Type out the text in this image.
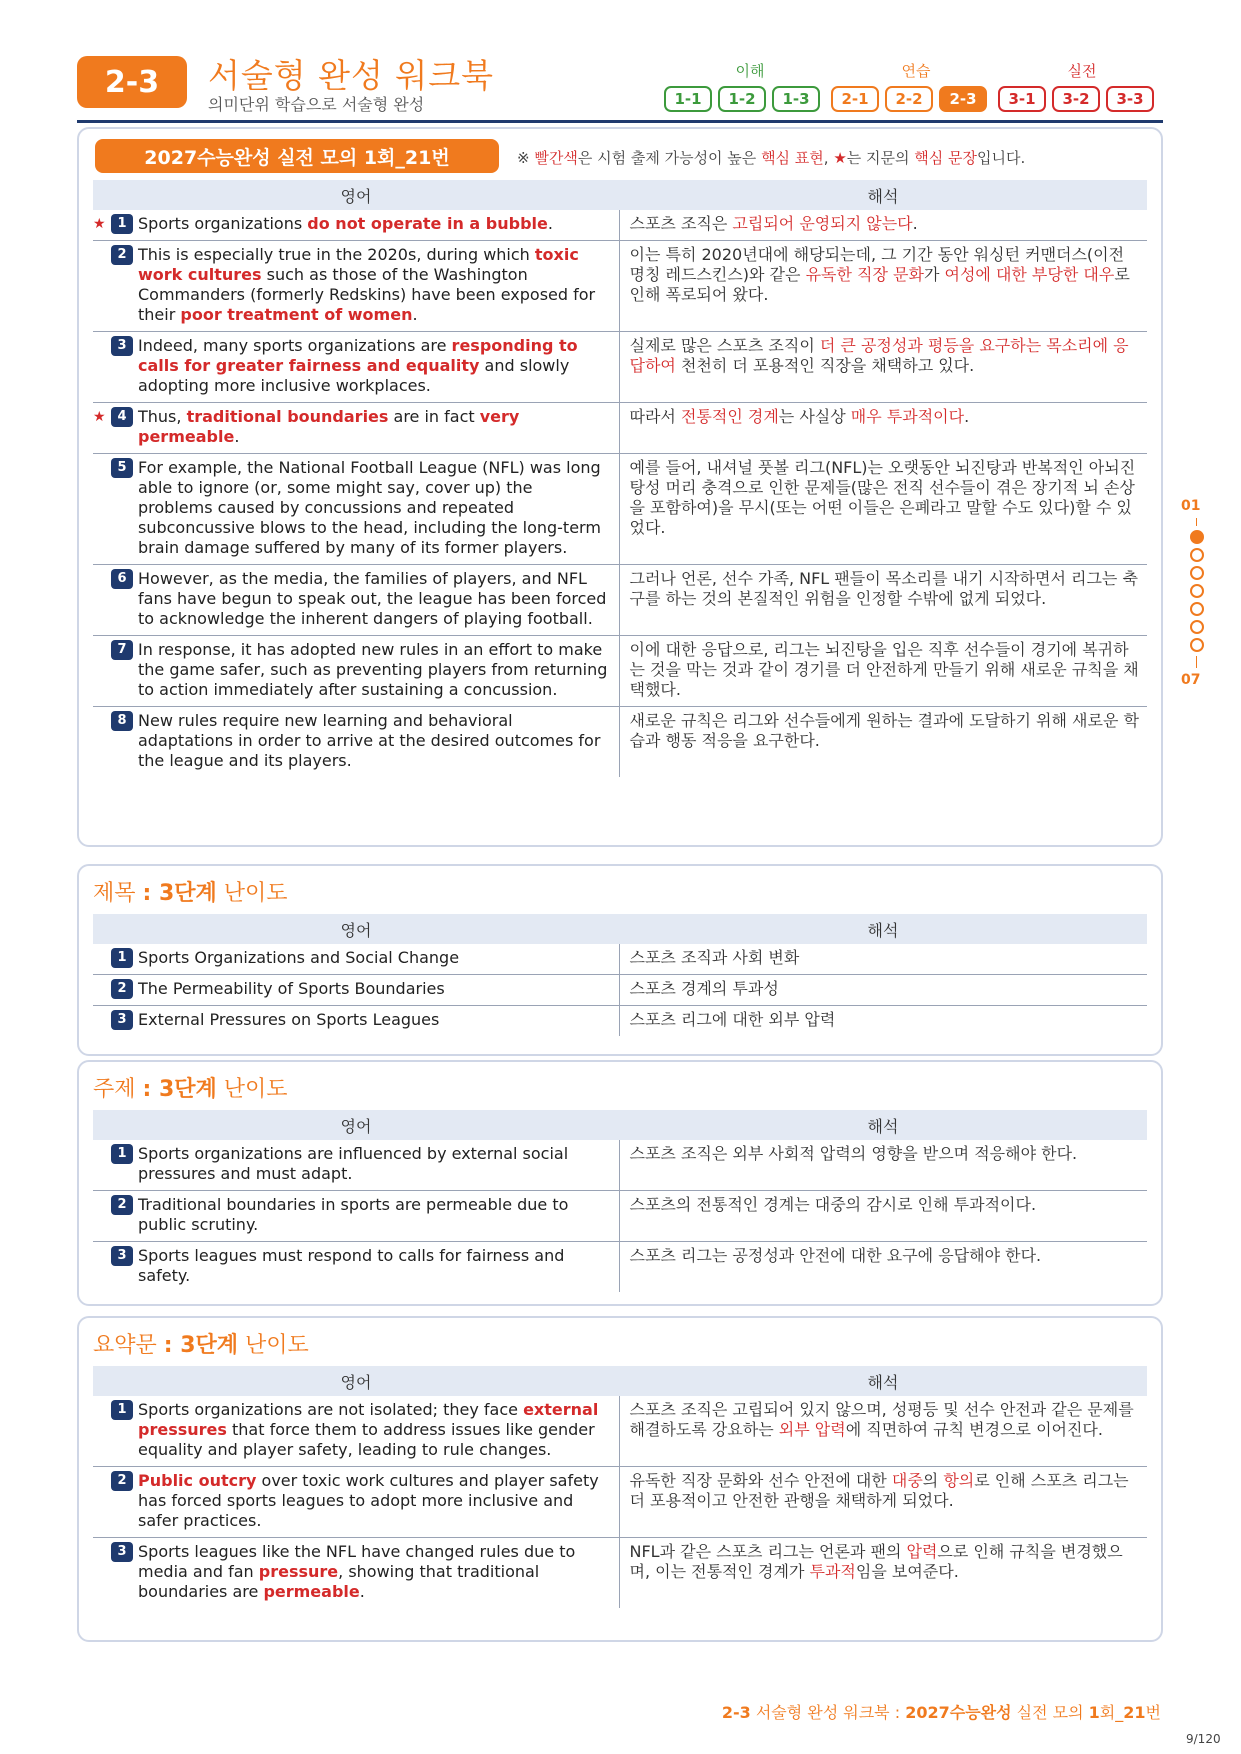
2-3	서술형 완성 워크북
의미단위 학습으로 서술형 완성
이해	연습	실전
1-1	1-2	1-3	2-1	2-2	2-3	3-1	3-2	3-3
2027수능완성 실전 모의 1회_21번	※ 빨간색은 시험 출제 가능성이 높은 핵심 표현, ★는 지문의 핵심 문장입니다.
영어	해석

★ 1 Sports organizations do not operate in a bubble.	스포츠 조직은 고립되어 운영되지 않는다.

2 This is especially true in the 2020s, during which toxic work cultures such as those of the Washington Commanders (formerly Redskins) have been exposed for their poor treatment of women.	이는 특히 2020년대에 해당되는데, 그 기간 동안 워싱턴 커맨더스(이전 명칭 레드스킨스)와 같은 유독한 직장 문화가 여성에 대한 부당한 대우로 인해 폭로되어 왔다.

3 Indeed, many sports organizations are responding to calls for greater fairness and equality and slowly adopting more inclusive workplaces.	실제로 많은 스포츠 조직이 더 큰 공정성과 평등을 요구하는 목소리에 응답하여 천천히 더 포용적인 직장을 채택하고 있다.

★ 4 Thus, traditional boundaries are in fact very permeable.	따라서 전통적인 경계는 사실상 매우 투과적이다.

5 For example, the National Football League (NFL) was long able to ignore (or, some might say, cover up) the problems caused by concussions and repeated subconcussive blows to the head, including the long-term brain damage suffered by many of its former players.	예를 들어, 내셔널 풋볼 리그(NFL)는 오랫동안 뇌진탕과 반복적인 아뇌진탕성 머리 충격으로 인한 문제들(많은 전직 선수들이 겪은 장기적 뇌 손상을 포함하여)을 무시(또는 어떤 이들은 은폐라고 말할 수도 있다)할 수 있었다.

6 However, as the media, the families of players, and NFL fans have begun to speak out, the league has been forced to acknowledge the inherent dangers of playing football.	그러나 언론, 선수 가족, NFL 팬들이 목소리를 내기 시작하면서 리그는 축구를 하는 것의 본질적인 위험을 인정할 수밖에 없게 되었다.

7 In response, it has adopted new rules in an effort to make the game safer, such as preventing players from returning to action immediately after sustaining a concussion.	이에 대한 응답으로, 리그는 뇌진탕을 입은 직후 선수들이 경기에 복귀하는 것을 막는 것과 같이 경기를 더 안전하게 만들기 위해 새로운 규칙을 채택했다.

8 New rules require new learning and behavioral adaptations in order to arrive at the desired outcomes for the league and its players.	새로운 규칙은 리그와 선수들에게 원하는 결과에 도달하기 위해 새로운 학습과 행동 적응을 요구한다.
제목 : 3단계 난이도
영어	해석

1 Sports Organizations and Social Change	스포츠 조직과 사회 변화

2 The Permeability of Sports Boundaries	스포츠 경계의 투과성

3 External Pressures on Sports Leagues	스포츠 리그에 대한 외부 압력
주제 : 3단계 난이도
영어	해석

1 Sports organizations are influenced by external social pressures and must adapt.	스포츠 조직은 외부 사회적 압력의 영향을 받으며 적응해야 한다.

2 Traditional boundaries in sports are permeable due to public scrutiny.	스포츠의 전통적인 경계는 대중의 감시로 인해 투과적이다.

3 Sports leagues must respond to calls for fairness and safety.	스포츠 리그는 공정성과 안전에 대한 요구에 응답해야 한다.
요약문 : 3단계 난이도
영어	해석

1 Sports organizations are not isolated; they face external pressures that force them to address issues like gender equality and player safety, leading to rule changes.	스포츠 조직은 고립되어 있지 않으며, 성평등 및 선수 안전과 같은 문제를 해결하도록 강요하는 외부 압력에 직면하여 규칙 변경으로 이어진다.

2 Public outcry over toxic work cultures and player safety has forced sports leagues to adopt more inclusive and safer practices.	유독한 직장 문화와 선수 안전에 대한 대중의 항의로 인해 스포츠 리그는 더 포용적이고 안전한 관행을 채택하게 되었다.

3 Sports leagues like the NFL have changed rules due to media and fan pressure, showing that traditional boundaries are permeable.	NFL과 같은 스포츠 리그는 언론과 팬의 압력으로 인해 규칙을 변경했으며, 이는 전통적인 경계가 투과적임을 보여준다.
01
07
2-3 서술형 완성 워크북 : 2027수능완성 실전 모의 1회_21번
9/120
